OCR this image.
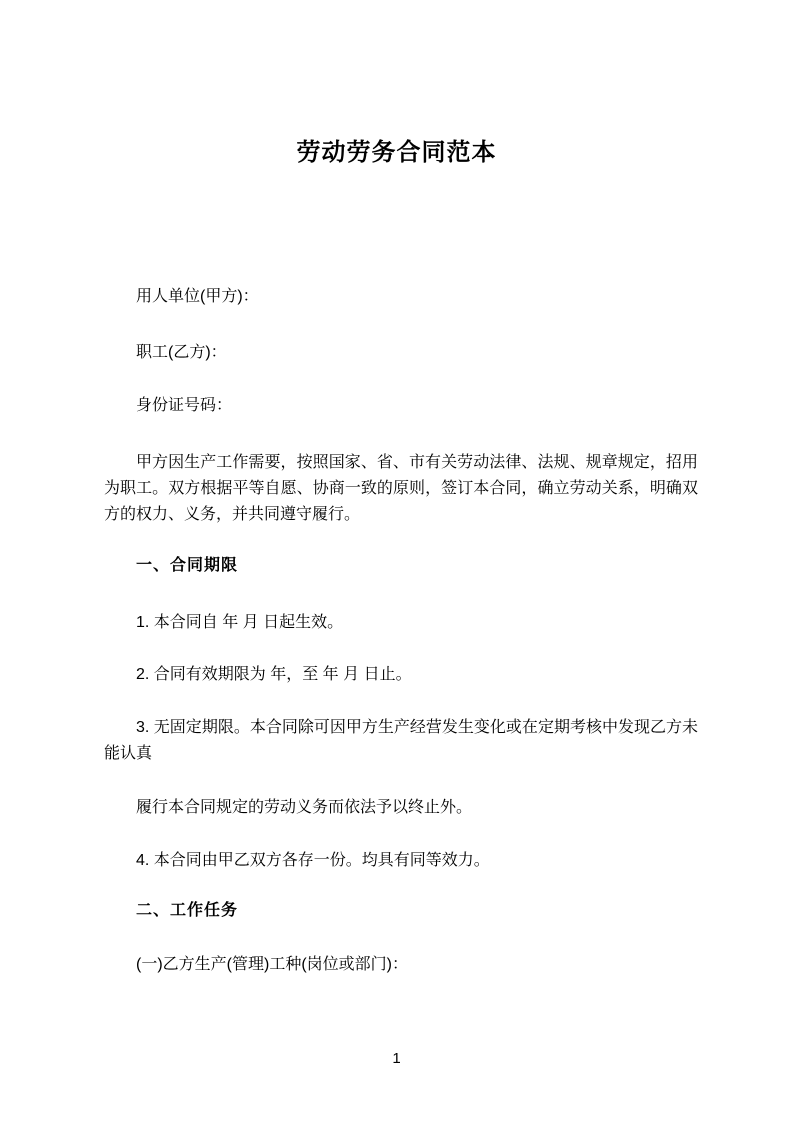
劳动劳务合同范本
用人单位(甲方)：
职工(乙方)：
身份证号码：
甲方因生产工作需要，按照国家、省、市有关劳动法律、法规、规章规定，招用为职工。双方根据平等自愿、协商一致的原则，签订本合同，确立劳动关系，明确双方的权力、义务，并共同遵守履行。
一、合同期限
1. 本合同自 年 月 日起生效。
2. 合同有效期限为 年，至 年 月 日止。
3. 无固定期限。本合同除可因甲方生产经营发生变化或在定期考核中发现乙方未能认真
履行本合同规定的劳动义务而依法予以终止外。
4. 本合同由甲乙双方各存一份。均具有同等效力。
二、工作任务
(一)乙方生产(管理)工种(岗位或部门)：
1
